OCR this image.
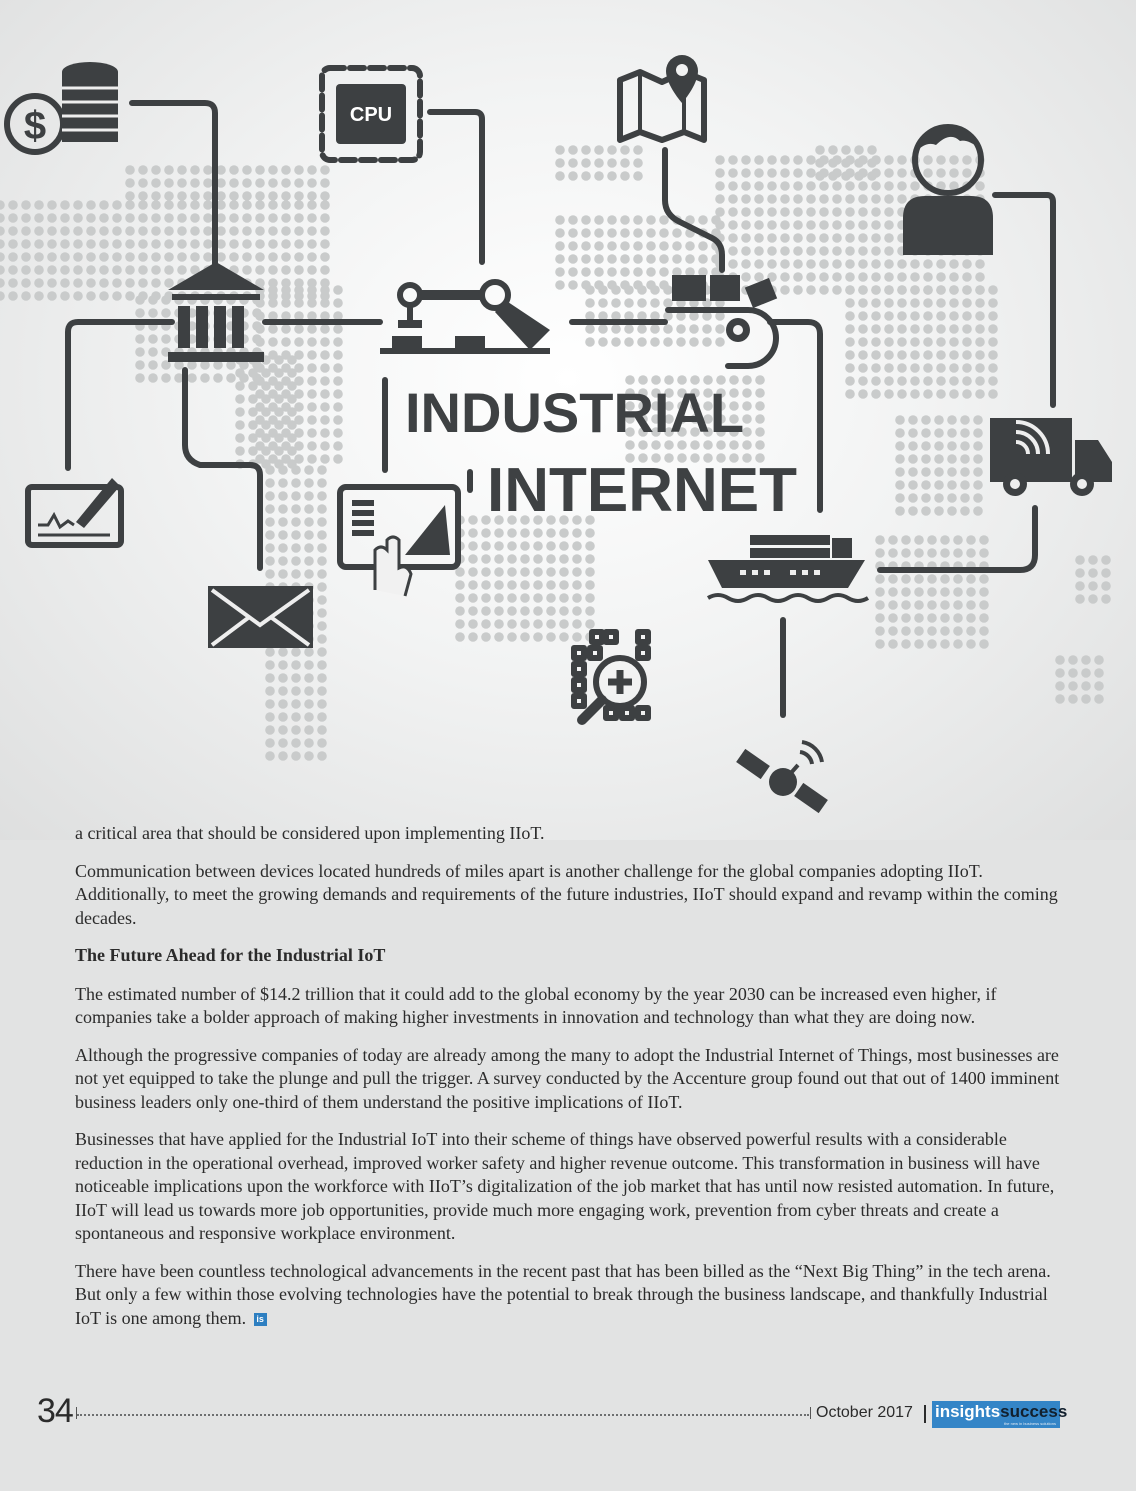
$	CPU
INDUSTRIAL
INTERNET

a critical area that should be considered upon implementing IIoT.

Communication between devices located hundreds of miles apart is another challenge for the global companies adopting IIoT. Additionally, to meet the growing demands and requirements of the future industries, IIoT should expand and revamp within the coming decades.

The Future Ahead for the Industrial IoT

The estimated number of $14.2 trillion that it could add to the global economy by the year 2030 can be increased even higher, if companies take a bolder approach of making higher investments in innovation and technology than what they are doing now.

Although the progressive companies of today are already among the many to adopt the Industrial Internet of Things, most businesses are not yet equipped to take the plunge and pull the trigger. A survey conducted by the Accenture group found out that out of 1400 imminent business leaders only one-third of them understand the positive implications of IIoT.

Businesses that have applied for the Industrial IoT into their scheme of things have observed powerful results with a considerable reduction in the operational overhead, improved worker safety and higher revenue outcome. This transformation in business will have noticeable implications upon the workforce with IIoT’s digitalization of the job market that has until now resisted automation. In future, IIoT will lead us towards more job opportunities, provide much more engaging work, prevention from cyber threats and create a spontaneous and responsive workplace environment.

There have been countless technological advancements in the recent past that has been billed as the “Next Big Thing” in the tech arena. But only a few within those evolving technologies have the potential to break through the business landscape, and thankfully Industrial IoT is one among them. is

34	October 2017 insightssuccess
the new in business solutions
